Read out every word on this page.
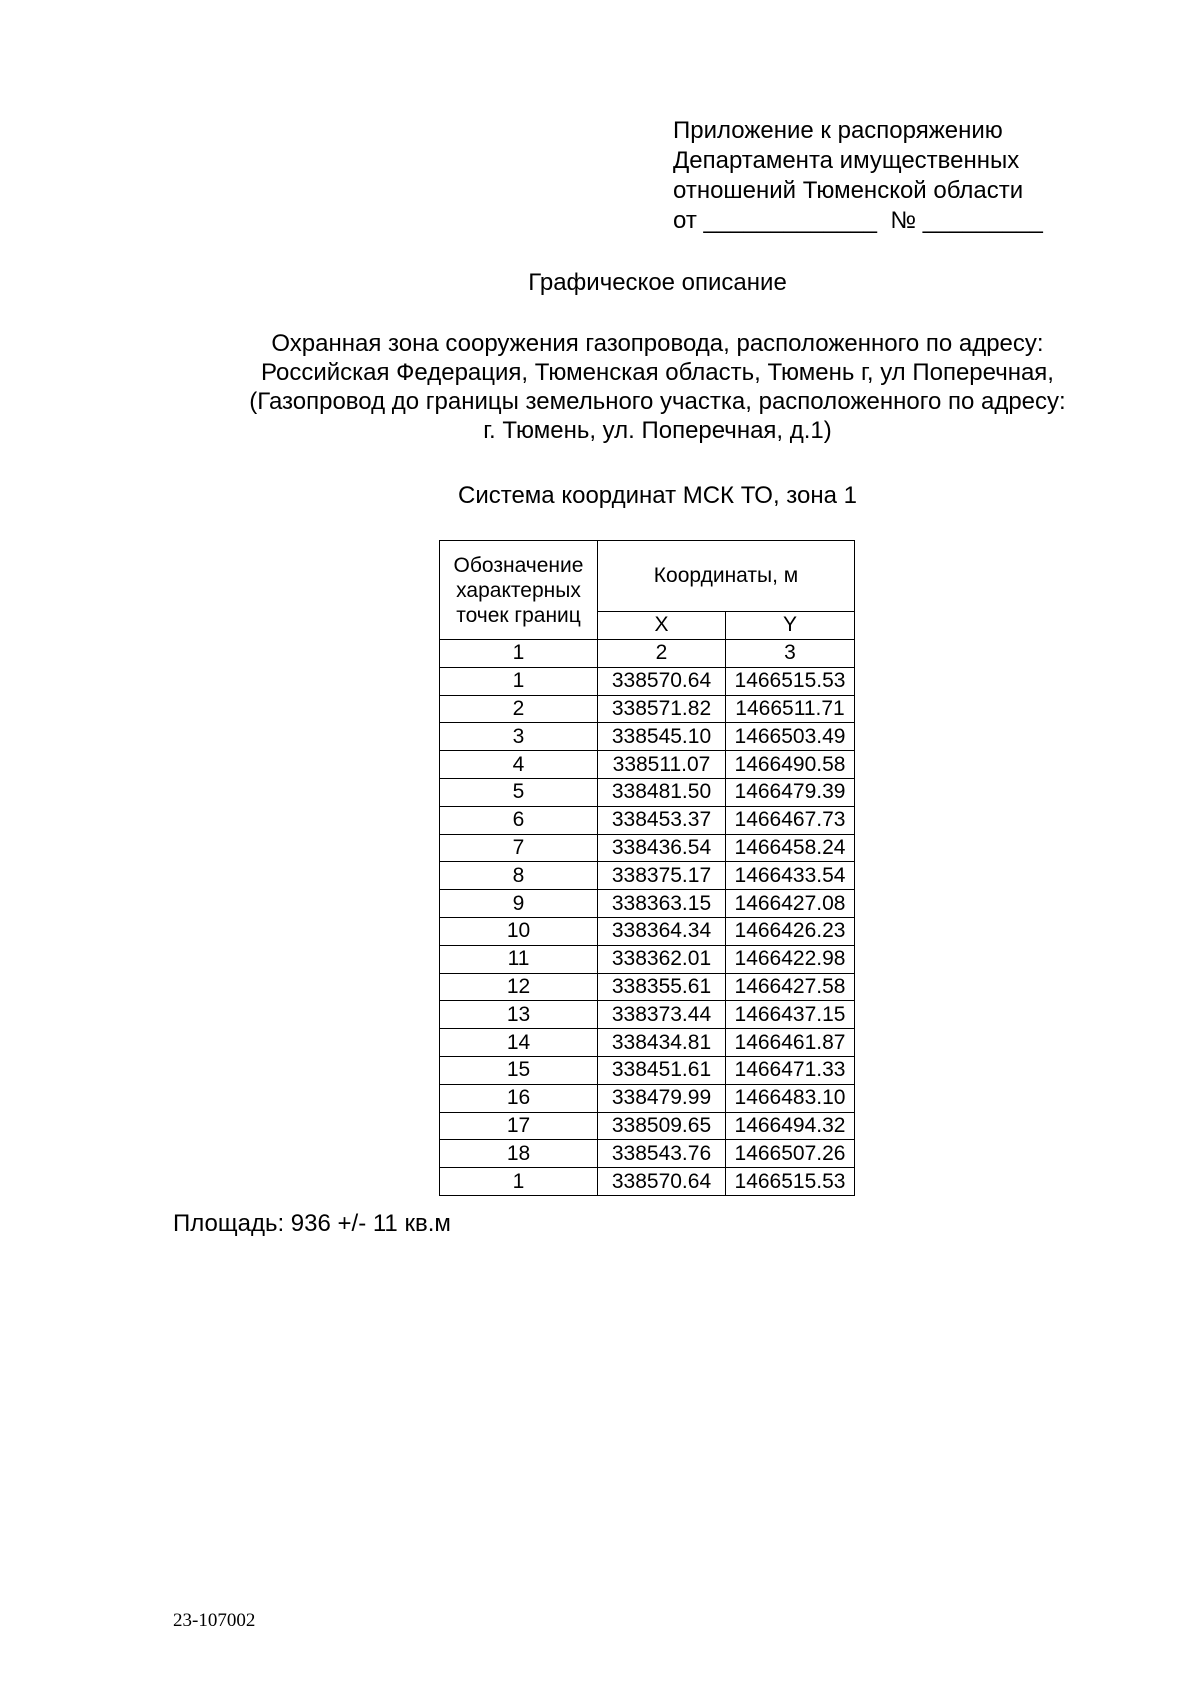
Приложение к распоряжению
Департамента имущественных
отношений Тюменской области
от _____________  № _________
Графическое описание
Охранная зона сооружения газопровода, расположенного по адресу:
Российская Федерация, Тюменская область, Тюмень г, ул Поперечная,
(Газопровод до границы земельного участка, расположенного по адресу:
г. Тюмень, ул. Поперечная, д.1)
Система координат МСК ТО, зона 1
Обозначение характерных точек границ	Координаты, м	
	X	Y
1	2	3
1	338570.64	1466515.53
2	338571.82	1466511.71
3	338545.10	1466503.49
4	338511.07	1466490.58
5	338481.50	1466479.39
6	338453.37	1466467.73
7	338436.54	1466458.24
8	338375.17	1466433.54
9	338363.15	1466427.08
10	338364.34	1466426.23
11	338362.01	1466422.98
12	338355.61	1466427.58
13	338373.44	1466437.15
14	338434.81	1466461.87
15	338451.61	1466471.33
16	338479.99	1466483.10
17	338509.65	1466494.32
18	338543.76	1466507.26
1	338570.64	1466515.53
Площадь: 936 +/- 11 кв.м
23-107002
